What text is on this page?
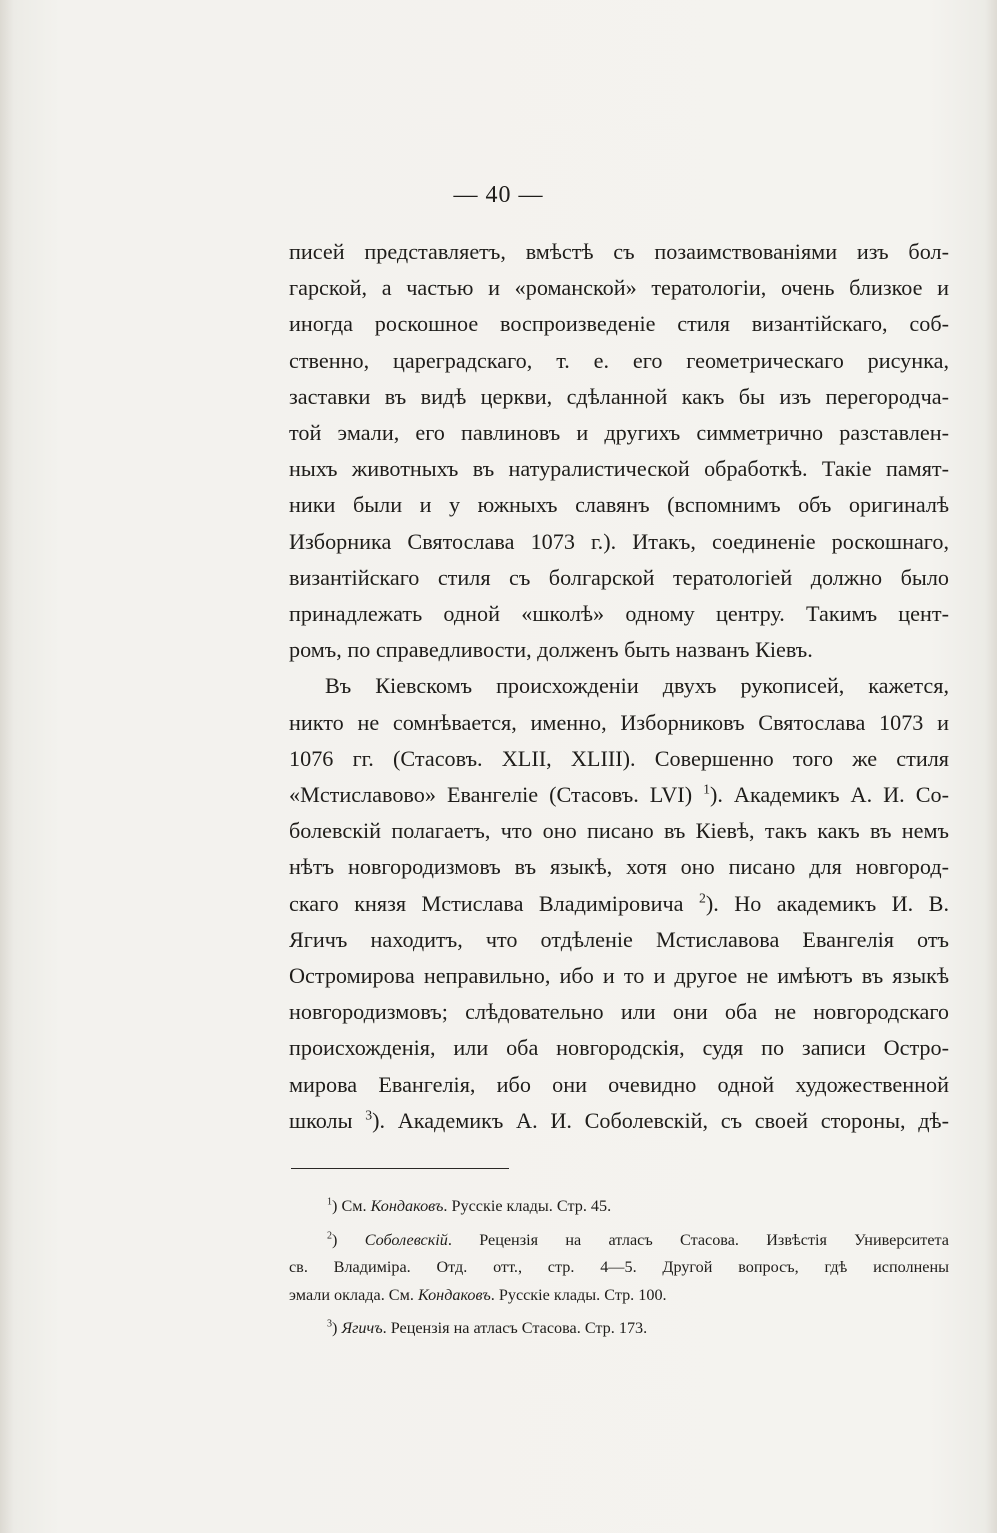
— 40 —
писей представляетъ, вмѣстѣ съ позаимствованіями изъ бол-
гарской, а частью и «романской» тератологіи, очень близкое и
иногда роскошное воспроизведеніе стиля византійскаго, соб-
ственно, цареградскаго, т. е. его геометрическаго рисунка,
заставки въ видѣ церкви, сдѣланной какъ бы изъ перегородча-
той эмали, его павлиновъ и другихъ симметрично разставлен-
ныхъ животныхъ въ натуралистической обработкѣ. Такіе памят-
ники были и у южныхъ славянъ (вспомнимъ объ оригиналѣ
Изборника Святослава 1073 г.). Итакъ, соединеніе роскошнаго,
византійскаго стиля съ болгарской тератологіей должно было
принадлежать одной «школѣ» одному центру. Такимъ цент-
ромъ, по справедливости, долженъ быть названъ Кіевъ.
Въ Кіевскомъ происхожденіи двухъ рукописей, кажется,
никто не сомнѣвается, именно, Изборниковъ Святослава 1073 и
1076 гг. (Стасовъ. XLII, XLIII). Совершенно того же стиля
«Мстиславово» Евангеліе (Стасовъ. LVI) $^1$). Академикъ А. И. Со-
болевскій полагаетъ, что оно писано въ Кіевѣ, такъ какъ въ немъ
нѣтъ новгородизмовъ въ языкѣ, хотя оно писано для новгород-
скаго князя Мстислава Владиміровича $^2$). Но академикъ И. В.
Ягичъ находитъ, что отдѣленіе Мстиславова Евангелія отъ
Остромирова неправильно, ибо и то и другое не имѣютъ въ языкѣ
новгородизмовъ; слѣдовательно или они оба не новгородскаго
происхожденія, или оба новгородскія, судя по записи Остро-
мирова Евангелія, ибо они очевидно одной художественной
школы $^3$). Академикъ А. И. Соболевскій, съ своей стороны, дѣ-
$^1$) См. Кондаковъ. Русскіе клады. Стр. 45.
$^2$) Соболевскій. Рецензія на атласъ Стасова. Извѣстія Университета
св. Владиміра. Отд. отт., стр. 4—5. Другой вопросъ, гдѣ исполнены
эмали оклада. См. Кондаковъ. Русскіе клады. Стр. 100.
$^3$) Ягичъ. Рецензія на атласъ Стасова. Стр. 173.
